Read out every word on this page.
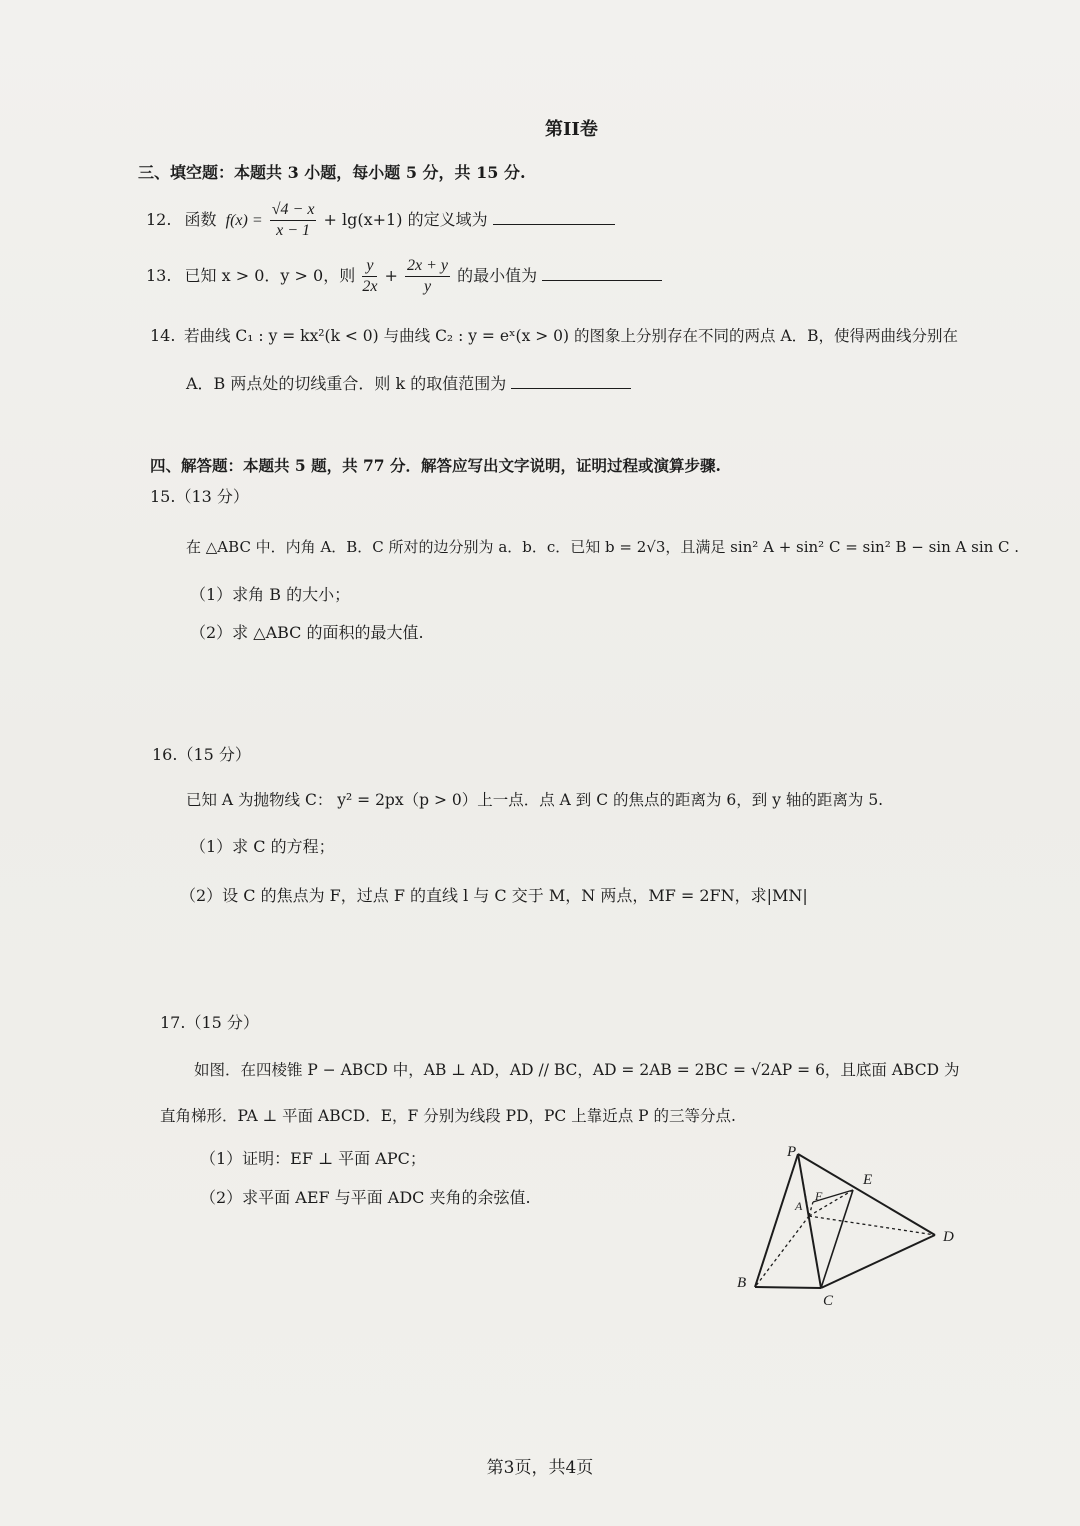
第II卷
三、填空题：本题共 3 小题，每小题 5 分，共 15 分.
12. 函数 $f(x) = \frac{√4 - x}{x - 1} + \lg(x+1)$ 的定义域为
13. 已知 x > 0．y > 0，则 $\frac{y}{2x} + \frac{2x + y}{y}$ 的最小值为
14. 若曲线 C₁ : y = kx²(k < 0) 与曲线 C₂ : y = eˣ(x > 0) 的图象上分别存在不同的两点 A．B，使得两曲线分别在
A．B 两点处的切线重合．则 k 的取值范围为
四、解答题：本题共 5 题，共 77 分．解答应写出文字说明，证明过程或演算步骤.
15.（13 分）
在 △ABC 中．内角 A．B．C 所对的边分别为 a．b．c．已知 b = 2√3，且满足 sin² A + sin² C = sin² B − sin A sin C .
（1）求角 B 的大小；
（2）求 △ABC 的面积的最大值.
16.（15 分）
已知 A 为抛物线 C： y² = 2px（p > 0）上一点．点 A 到 C 的焦点的距离为 6，到 y 轴的距离为 5.
（1）求 C 的方程；
（2）设 C 的焦点为 F，过点 F 的直线 l 与 C 交于 M，N 两点，MF = 2FN，求|MN|
17.（15 分）
如图．在四棱锥 P − ABCD 中，AB ⊥ AD，AD // BC，AD = 2AB = 2BC = √2AP = 6，且底面 ABCD 为
直角梯形．PA ⊥ 平面 ABCD．E，F 分别为线段 PD，PC 上靠近点 P 的三等分点.
（1）证明：EF ⊥ 平面 APC；
（2）求平面 AEF 与平面 ADC 夹角的余弦值.
P
E
D
B
C
A
F
第3页，共4页
